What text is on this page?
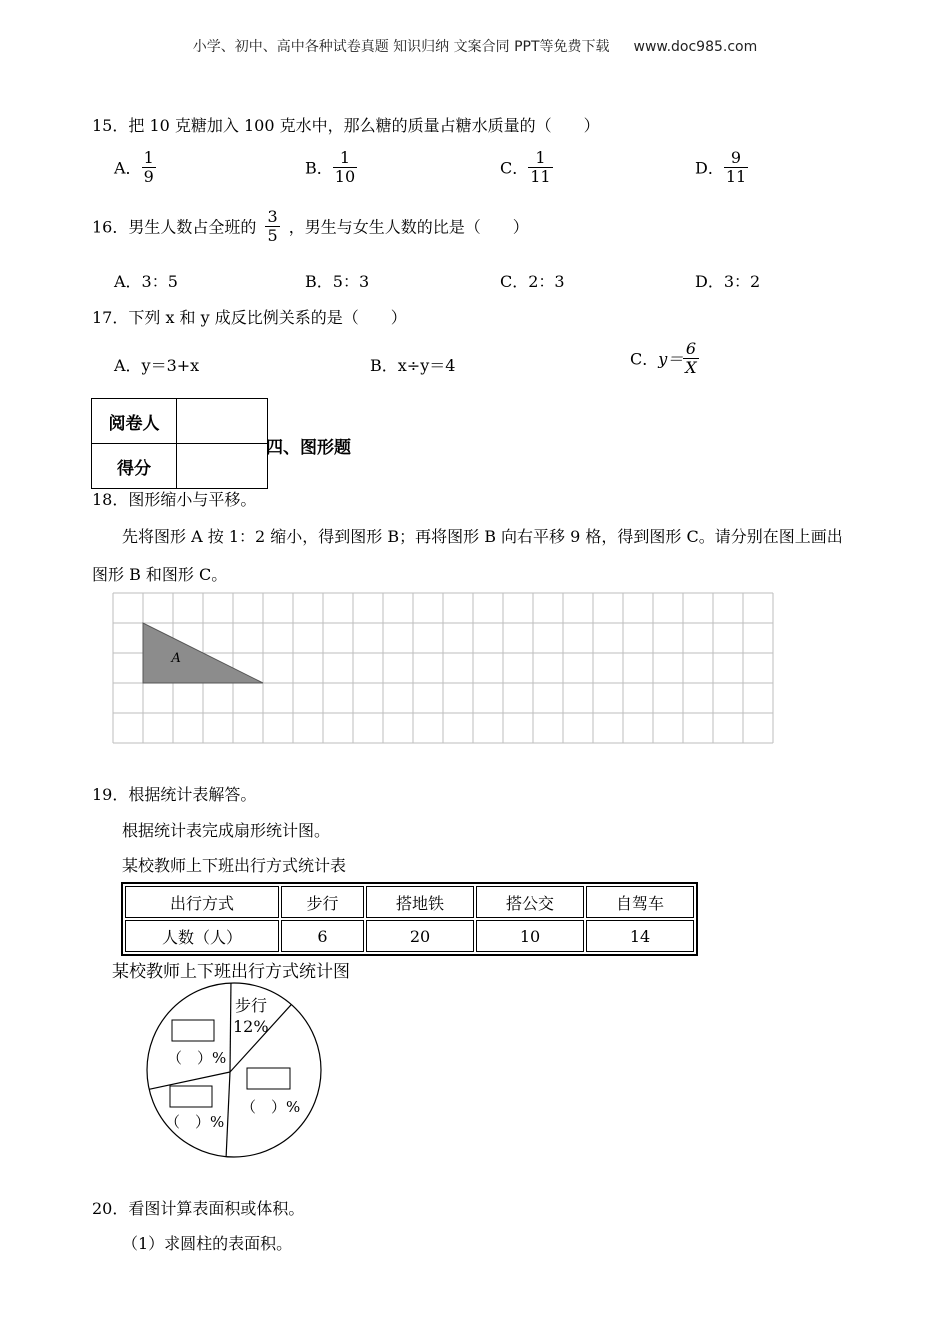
小学、初中、高中各种试卷真题 知识归纳 文案合同 PPT等免费下载 www.doc985.com
15．把 10 克糖加入 100 克水中，那么糖的质量占糖水质量的（　　）
A． $\frac{1}{9}$	B． $\frac{1}{10}$	C． $\frac{1}{11}$	D． $\frac{9}{11}$
16．男生人数占全班的 $\frac{3}{5}$ ，男生与女生人数的比是（　　）
A．3：5	B．5：3	C．2：3	D．3：2
17．下列 x 和 y 成反比例关系的是（　　）
A．y＝3+x	B．x÷y＝4	C．$y= \frac{6}{X}$
阅卷人	
得分	
四、图形题
18．图形缩小与平移。
先将图形 A 按 1：2 缩小，得到图形 B；再将图形 B 向右平移 9 格，得到图形 C。请分别在图上画出
图形 B 和图形 C。
A
19．根据统计表解答。
根据统计表完成扇形统计图。
某校教师上下班出行方式统计表
出行方式	步行	搭地铁	搭公交	自驾车
人数（人）	6	20	10	14
某校教师上下班出行方式统计图
步行
12%
（　）%
（　）%
（　）%
20．看图计算表面积或体积。
（1）求圆柱的表面积。
